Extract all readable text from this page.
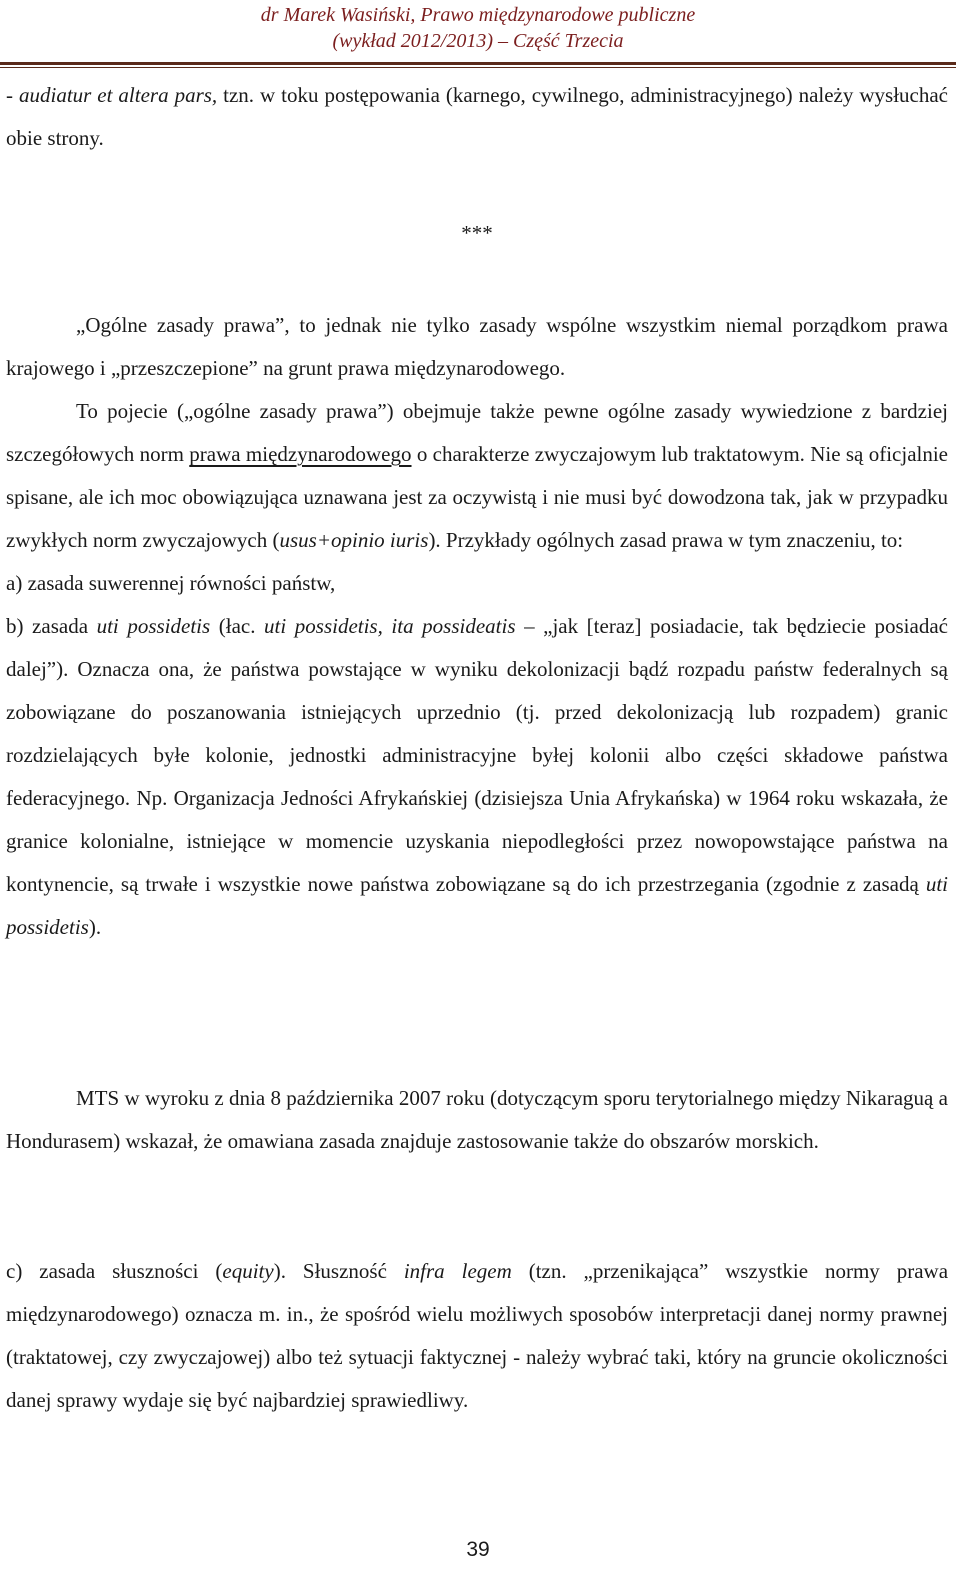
dr Marek Wasiński, Prawo międzynarodowe publiczne
(wykład 2012/2013) – Część Trzecia
- audiatur et altera pars, tzn. w toku postępowania (karnego, cywilnego, administracyjnego) należy wysłuchać obie strony.
***
„Ogólne zasady prawa”, to jednak nie tylko zasady wspólne wszystkim niemal porządkom prawa krajowego i „przeszczepione” na grunt prawa międzynarodowego.
To pojecie („ogólne zasady prawa”) obejmuje także pewne ogólne zasady wywiedzione z bardziej szczegółowych norm prawa międzynarodowego o charakterze zwyczajowym lub traktatowym. Nie są oficjalnie spisane, ale ich moc obowiązująca uznawana jest za oczywistą i nie musi być dowodzona tak, jak w przypadku zwykłych norm zwyczajowych (usus+opinio iuris). Przykłady ogólnych zasad prawa w tym znaczeniu, to:
a) zasada suwerennej równości państw,
b) zasada uti possidetis (łac. uti possidetis, ita possideatis – „jak [teraz] posiadacie, tak będziecie posiadać dalej”). Oznacza ona, że państwa powstające w wyniku dekolonizacji bądź rozpadu państw federalnych są zobowiązane do poszanowania istniejących uprzednio (tj. przed dekolonizacją lub rozpadem) granic rozdzielających byłe kolonie, jednostki administracyjne byłej kolonii albo części składowe państwa federacyjnego. Np. Organizacja Jedności Afrykańskiej (dzisiejsza Unia Afrykańska) w 1964 roku wskazała, że granice kolonialne, istniejące w momencie uzyskania niepodległości przez nowopowstające państwa na kontynencie, są trwałe i wszystkie nowe państwa zobowiązane są do ich przestrzegania (zgodnie z zasadą uti possidetis).
MTS w wyroku z dnia 8 października 2007 roku (dotyczącym sporu terytorialnego między Nikaraguą a Hondurasem) wskazał, że omawiana zasada znajduje zastosowanie także do obszarów morskich.
c) zasada słuszności (equity). Słuszność infra legem (tzn. „przenikająca” wszystkie normy prawa międzynarodowego) oznacza m. in., że spośród wielu możliwych sposobów interpretacji danej normy prawnej (traktatowej, czy zwyczajowej) albo też sytuacji faktycznej - należy wybrać taki, który na gruncie okoliczności danej sprawy wydaje się być najbardziej sprawiedliwy.
39
